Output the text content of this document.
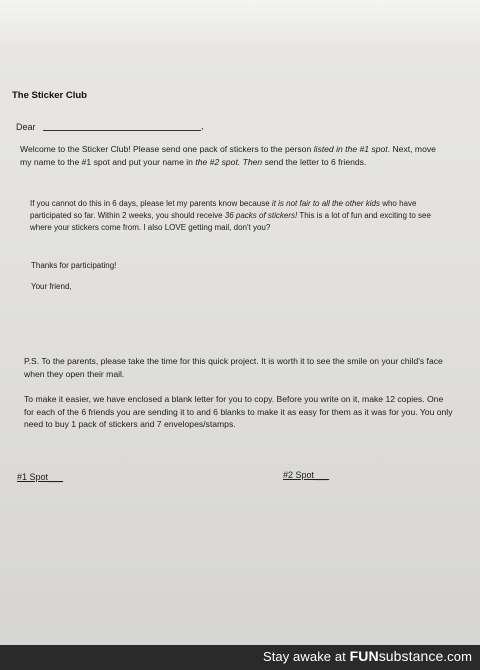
The Sticker Club
Dear	,
Welcome to the Sticker Club! Please send one pack of stickers to the person listed in the #1 spot. Next, move my name to the #1 spot and put your name in the #2 spot. Then send the letter to 6 friends.
If you cannot do this in 6 days, please let my parents know because it is not fair to all the other kids who have participated so far. Within 2 weeks, you should receive 36 packs of stickers! This is a lot of fun and exciting to see where your stickers come from. I also LOVE getting mail, don't you?
Thanks for participating!
Your friend,
P.S. To the parents, please take the time for this quick project. It is worth it to see the smile on your child's face when they open their mail.
To make it easier, we have enclosed a blank letter for you to copy. Before you write on it, make 12 copies. One for each of the 6 friends you are sending it to and 6 blanks to make it as easy for them as it was for you. You only need to buy 1 pack of stickers and 7 envelopes/stamps.
#1 Spot___	#2 Spot___
Stay awake at FUNsubstance.com
